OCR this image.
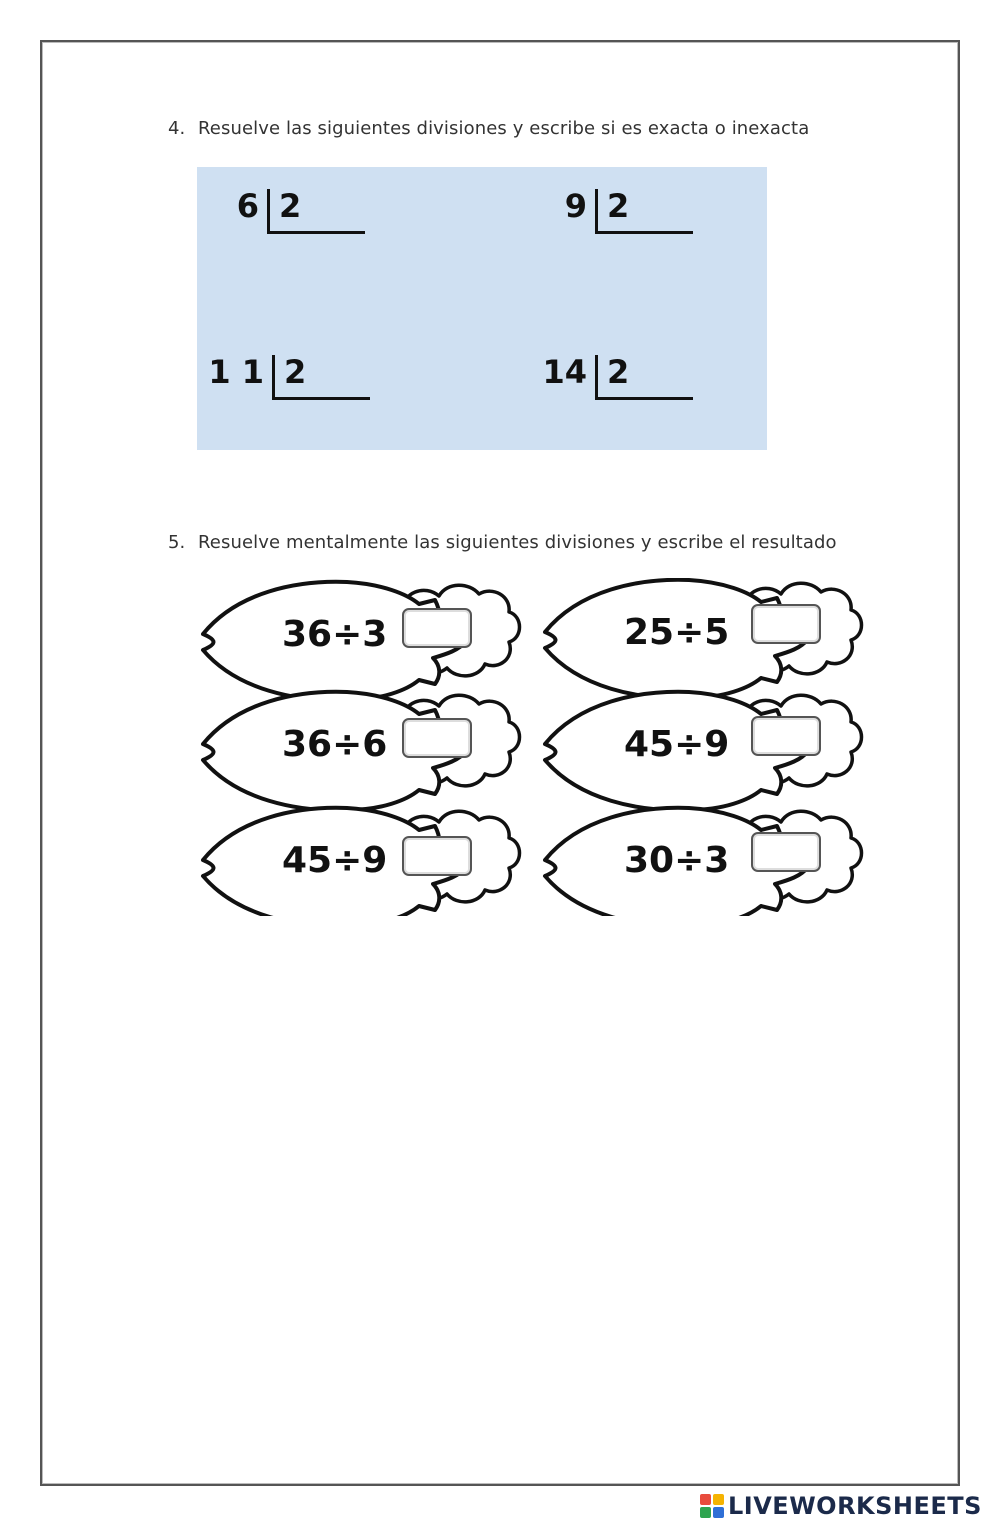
4. Resuelve las siguientes divisiones y escribe si es exacta o inexacta
6 2	9 2
1 1 2	14 2
5. Resuelve mentalmente las siguientes divisiones y escribe el resultado
36÷3	25÷5
36÷6	45÷9
45÷9	30÷3
LIVEWORKSHEETS
